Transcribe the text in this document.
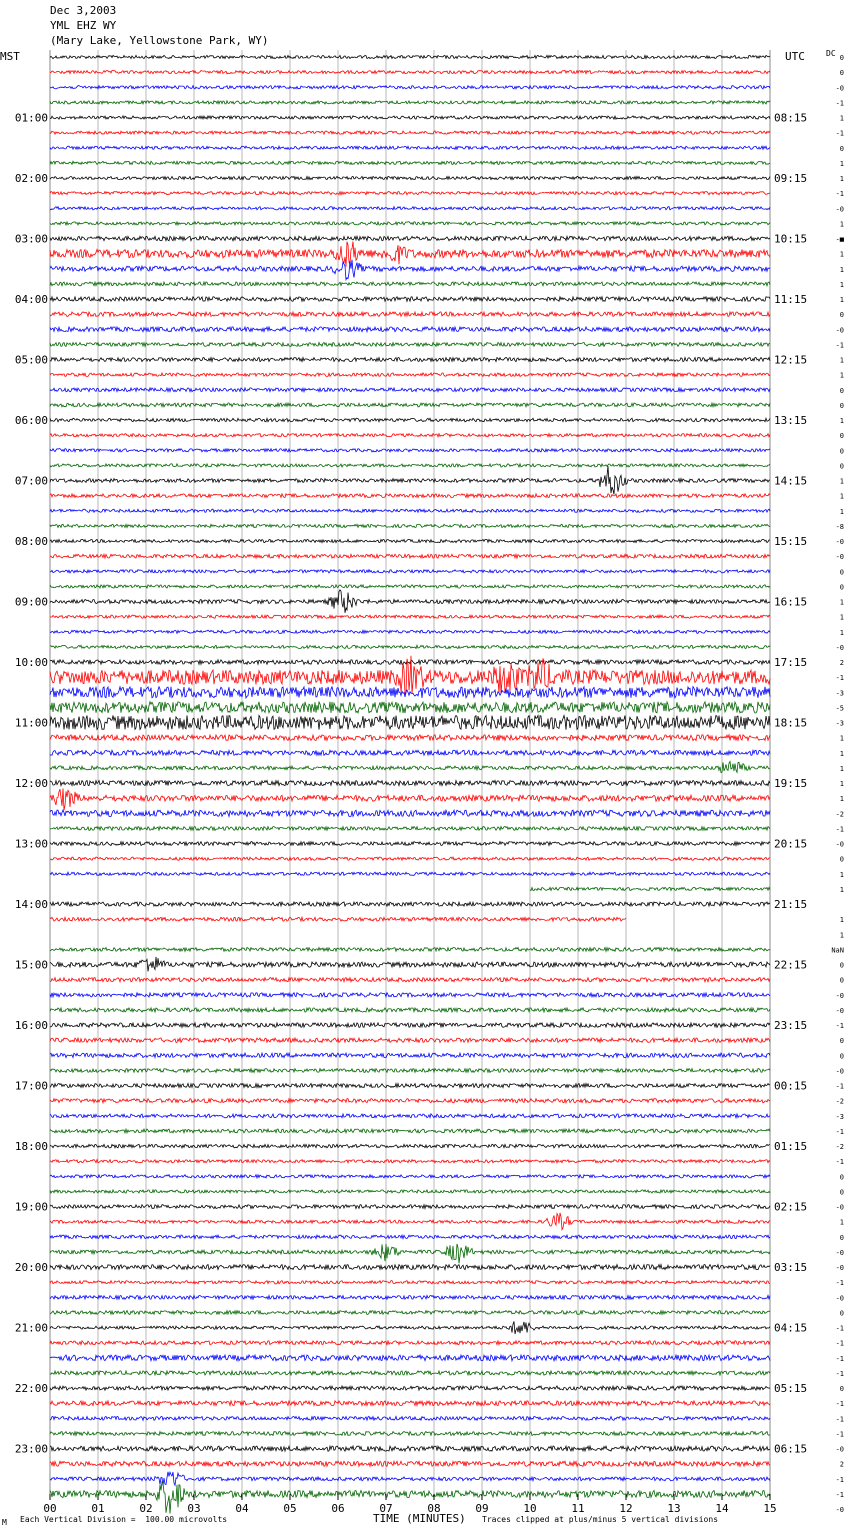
Dec 3,2003
YML EHZ WY
(Mary Lake, Yellowstone Park, WY)
MST	UTC	DC
00	01	02	03	04	05	06	07	08	09	10	11	12	13	14	15
01:00
02:00
03:00
04:00
05:00
06:00
07:00
08:00
09:00
10:00
11:00
12:00
13:00
14:00
15:00
16:00
17:00
18:00
19:00
20:00
21:00
22:00
23:00
08:15
09:15
10:15
11:15
12:15
13:15
14:15
15:15
16:15
17:15
18:15
19:15
20:15
21:15
22:15
23:15
00:15
01:15
02:15
03:15
04:15
05:15
06:15
0
0
-0
-1
1
-1
0
1
1
-1
-0
1
-■
1
1
1
1
0
-0
-1
1
1
0
0
1
0
0
0
1
1
1
-8
-0
-0
0
0
1
1
1
-0
2
-1
-3
-5
-3
1
1
1
1
1
-2
-1
-0
0
1
1
1
1
NaN
0
0
-0
-0
-1
0
0
-0
-1
-2
-3
-1
-2
-1
0
0
-0
1
0
-0
-0
-1
-0
0
-1
-1
-1
-1
0
-1
-1
-1
-0
2
-1
-1
-0
M Each Vertical Division =  100.00 microvolts	TIME (MINUTES) Traces clipped at plus/minus 5 vertical divisions
